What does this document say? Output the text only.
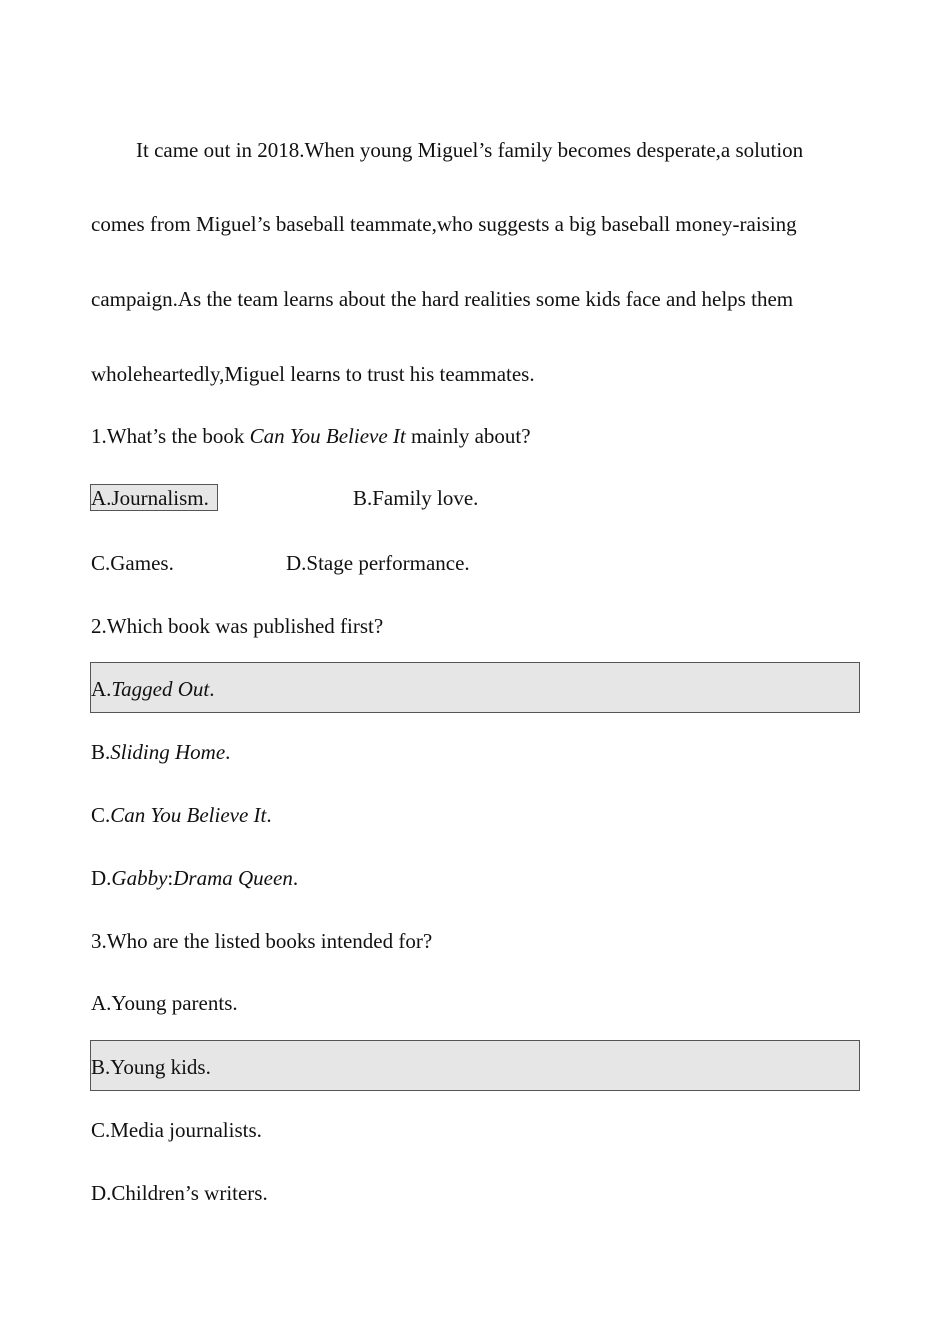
It came out in 2018.When young Miguel’s family becomes desperate,a solution
comes from Miguel’s baseball teammate,who suggests a big baseball money-raising
campaign.As the team learns about the hard realities some kids face and helps them
wholeheartedly,Miguel learns to trust his teammates.
1.What’s the book Can You Believe It mainly about?
A.Journalism.	B.Family love.
C.Games.	D.Stage performance.
2.Which book was published first?
A.Tagged Out.
B.Sliding Home.
C.Can You Believe It.
D.Gabby:Drama Queen.
3.Who are the listed books intended for?
A.Young parents.
B.Young kids.
C.Media journalists.
D.Children’s writers.
